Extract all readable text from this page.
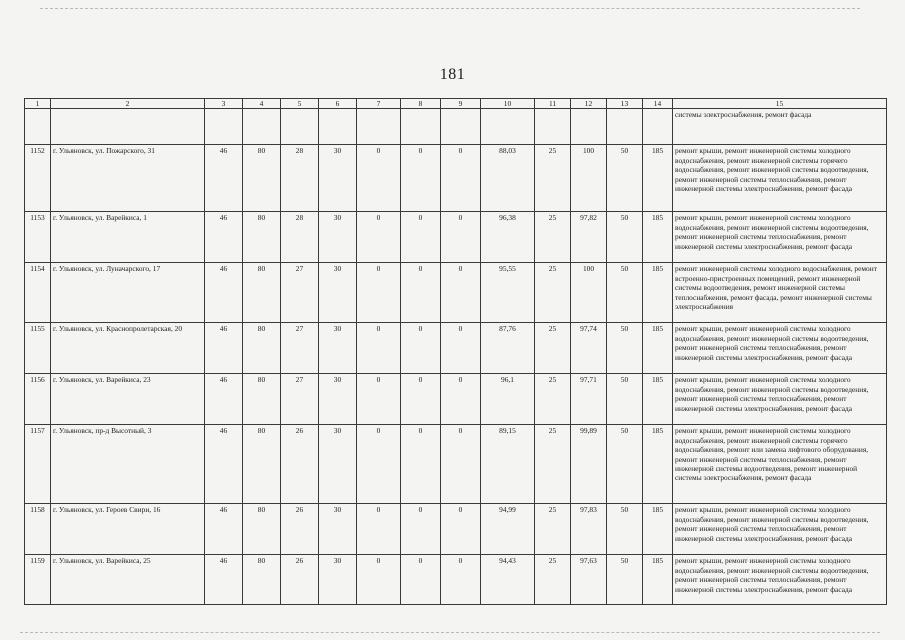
181
1	2	3	4	5	6	7	8	9	10	11	12	13	14	15
														системы электроснабжения, ремонт фасада
1152	г. Ульяновск, ул. Пожарского, 31	46	80	28	30	0	0	0	88,03	25	100	50	185	ремонт крыши, ремонт инженерной системы холодного водоснабжения, ремонт инженерной системы горячего водоснабжения, ремонт инженерной системы водоотведения, ремонт инженерной системы теплоснабжения, ремонт инженерной системы электроснабжения, ремонт фасада
1153	г. Ульяновск, ул. Варейкиса, 1	46	80	28	30	0	0	0	96,38	25	97,82	50	185	ремонт крыши, ремонт инженерной системы холодного водоснабжения, ремонт инженерной системы водоотведения, ремонт инженерной системы теплоснабжения, ремонт инженерной системы электроснабжения, ремонт фасада
1154	г. Ульяновск, ул. Луначарского, 17	46	80	27	30	0	0	0	95,55	25	100	50	185	ремонт инженерной системы холодного водоснабжения, ремонт встроенно-пристроенных помещений, ремонт инженерной системы водоотведения, ремонт инженерной системы теплоснабжения, ремонт фасада, ремонт инженерной системы электроснабжения
1155	г. Ульяновск, ул. Краснопролетарская, 20	46	80	27	30	0	0	0	87,76	25	97,74	50	185	ремонт крыши, ремонт инженерной системы холодного водоснабжения, ремонт инженерной системы водоотведения, ремонт инженерной системы теплоснабжения, ремонт инженерной системы электроснабжения, ремонт фасада
1156	г. Ульяновск, ул. Варейкиса, 23	46	80	27	30	0	0	0	96,1	25	97,71	50	185	ремонт крыши, ремонт инженерной системы холодного водоснабжения, ремонт инженерной системы водоотведения, ремонт инженерной системы теплоснабжения, ремонт инженерной системы электроснабжения, ремонт фасада
1157	г. Ульяновск, пр-д Высотный, 3	46	80	26	30	0	0	0	89,15	25	99,89	50	185	ремонт крыши, ремонт инженерной системы холодного водоснабжения, ремонт инженерной системы горячего водоснабжения, ремонт или замена лифтового оборудования, ремонт инженерной системы теплоснабжения, ремонт инженерной системы водоотведения, ремонт инженерной системы электроснабжения, ремонт фасада
1158	г. Ульяновск, ул. Героев Свири, 16	46	80	26	30	0	0	0	94,99	25	97,83	50	185	ремонт крыши, ремонт инженерной системы холодного водоснабжения, ремонт инженерной системы водоотведения, ремонт инженерной системы теплоснабжения, ремонт инженерной системы электроснабжения, ремонт фасада
1159	г. Ульяновск, ул. Варейкиса, 25	46	80	26	30	0	0	0	94,43	25	97,63	50	185	ремонт крыши, ремонт инженерной системы холодного водоснабжения, ремонт инженерной системы водоотведения, ремонт инженерной системы теплоснабжения, ремонт инженерной системы электроснабжения, ремонт фасада
